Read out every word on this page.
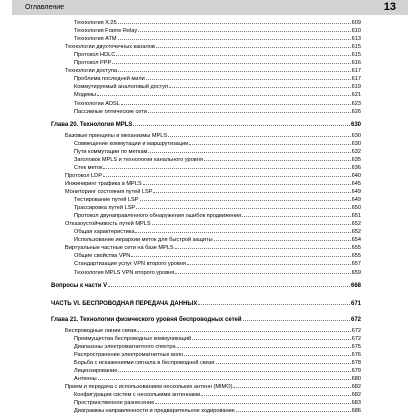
Оглавление	13
Технология X.25	609
Технология Frame Relay	610
Технология ATM	613
Технологии двухточечных каналов	615
Протокол HDLC	615
Протокол PPP	616
Технологии доступа	617
Проблема последней мили	617
Коммутируемый аналоговый доступ	619
Модемы	621
Технологии ADSL	623
Пассивные оптические сети	626
Глава 20. Технология MPLS	630
Базовые принципы и механизмы MPLS	630
Совмещение коммутации и маршрутизации	630
Пути коммутации по меткам	632
Заголовок MPLS и технологии канального уровня	635
Стек меток	636
Протокол LDP	640
Инжиниринг трафика в MPLS	645
Мониторинг состояния путей LSP	649
Тестирование путей LSP	649
Трассировка путей LSP	650
Протокол двунаправленного обнаружения ошибок продвижения	651
Отказоустойчивость путей MPLS	652
Общая характеристика	652
Использование иерархии меток для быстрой защиты	654
Виртуальные частные сети на базе MPLS	655
Общие свойства VPN	655
Стандартизация услуг VPN второго уровня	657
Технология MPLS VPN второго уровня	659
Вопросы к части V	668
ЧАСТЬ VI. БЕСПРОВОДНАЯ ПЕРЕДАЧА ДАННЫХ	671
Глава 21. Технологии физического уровня беспроводных сетей	672
Беспроводные линии связи	672
Преимущества беспроводных коммуникаций	672
Диапазоны электромагнитного спектра	675
Распространение электромагнитных волн	676
Борьба с искажениями сигнала в беспроводной связи	678
Лицензирование	679
Антенны	680
Прием и передача с использованием нескольких антенн (MIMO)	682
Конфигурации систем с несколькими антеннами	682
Пространственное разнесение	683
Диаграммы направленности и предварительное кодирование	686
